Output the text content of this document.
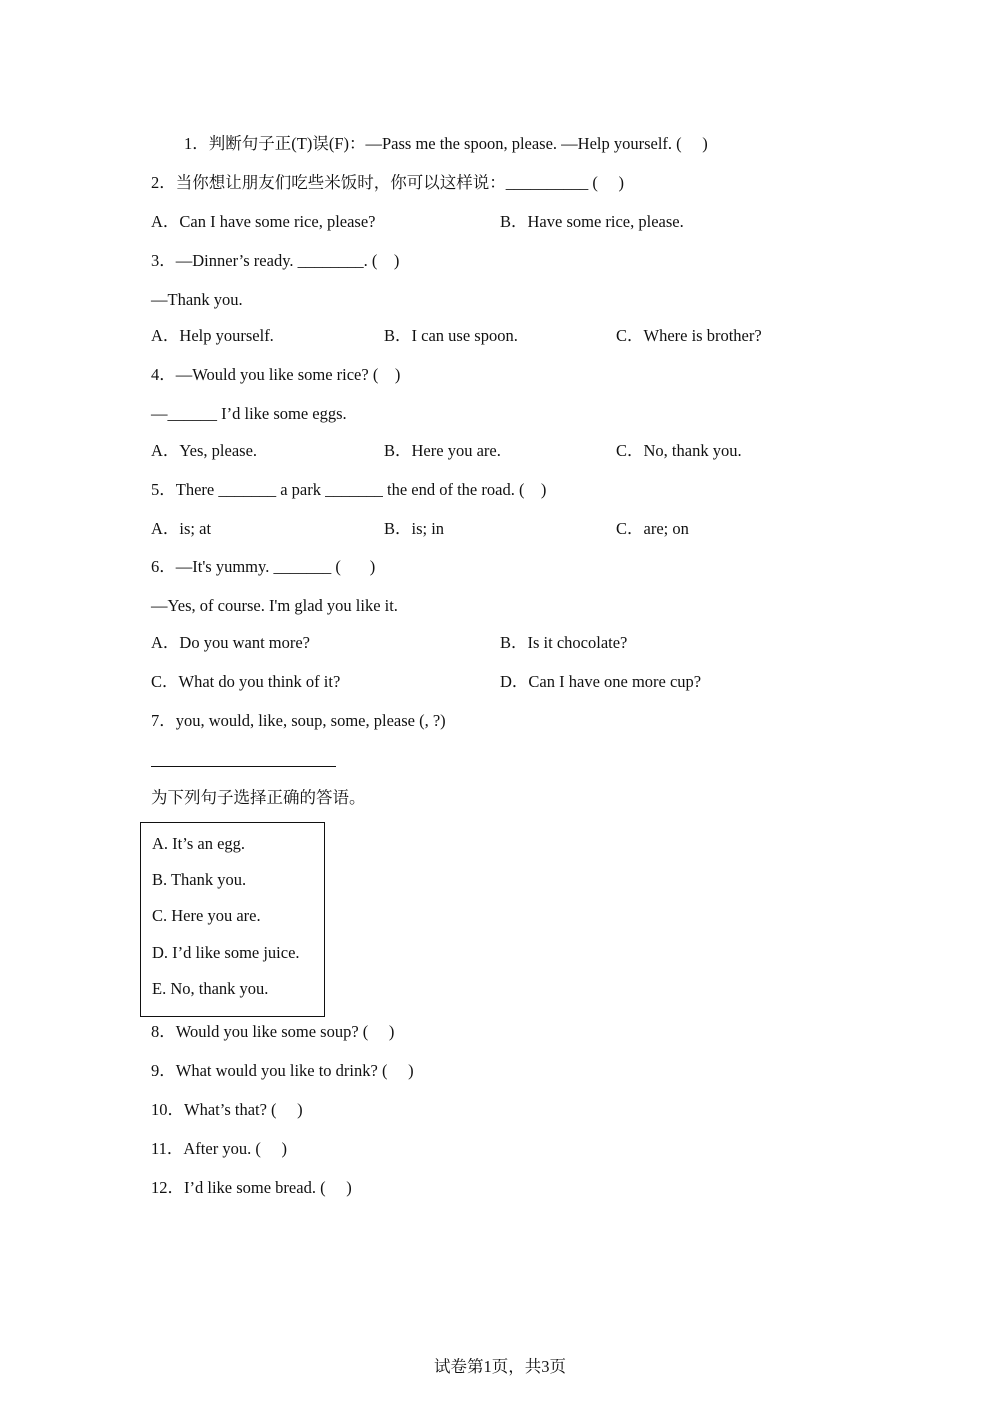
1．判断句子正(T)误(F)：—Pass me the spoon, please. —Help yourself. (     )
2．当你想让朋友们吃些米饭时，你可以这样说：__________ (     )
A．Can I have some rice, please?	B．Have some rice, please.
3．—Dinner’s ready. ________. (    )
—Thank you.
A．Help yourself.	B．I can use spoon.	C．Where is brother?
4．—Would you like some rice? (    )
—______ I’d like some eggs.
A．Yes, please.	B．Here you are.	C．No, thank you.
5．There _______ a park _______ the end of the road. (    )
A．is; at	B．is; in	C．are; on
6．—It's yummy. _______ (       )
—Yes, of course. I'm glad you like it.
A．Do you want more?	B．Is it chocolate?
C．What do you think of it?	D．Can I have one more cup?
7．you, would, like, soup, some, please (, ?)
为下列句子选择正确的答语。
A. It’s an egg.
B. Thank you.
C. Here you are.
D. I’d like some juice.
E. No, thank you.
8．Would you like some soup? (     )
9．What would you like to drink? (     )
10．What’s that? (     )
11．After you. (     )
12．I’d like some bread. (     )
试卷第1页，共3页
